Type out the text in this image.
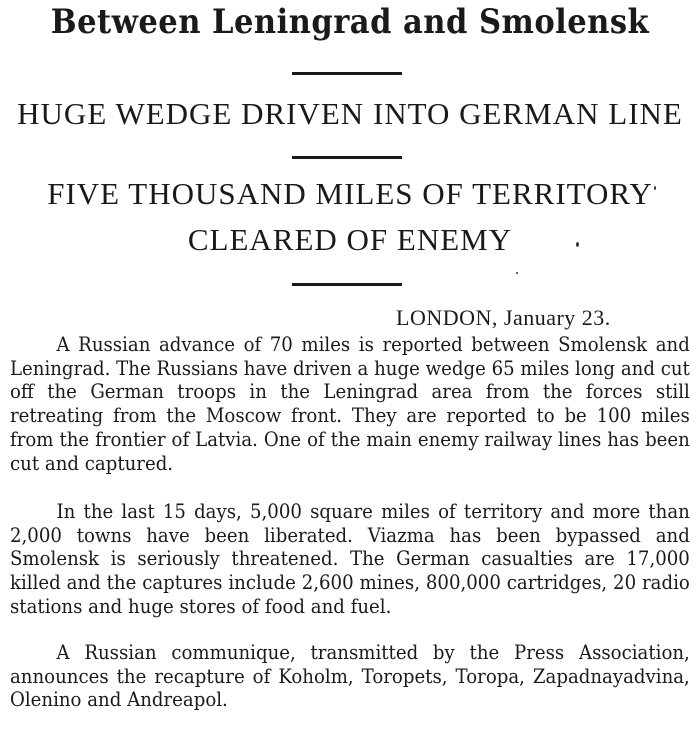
Between Leningrad and Smolensk
HUGE WEDGE DRIVEN INTO GERMAN LINE
FIVE THOUSAND MILES OF TERRITORY
CLEARED OF ENEMY
LONDON, January 23.

A Russian advance of 70 miles is reported between Smolensk and Leningrad. The Russians have driven a huge wedge 65 miles long and cut off the German troops in the Leningrad area from the forces still retreating from the Moscow front. They are reported to be 100 miles from the frontier of Latvia. One of the main enemy railway lines has been cut and captured.

In the last 15 days, 5,000 square miles of territory and more than 2,000 towns have been liberated. Viazma has been bypassed and Smolensk is seriously threatened. The German casualties are 17,000 killed and the captures include 2,600 mines, 800,000 cartridges, 20 radio stations and huge stores of food and fuel.

A Russian communique, transmitted by the Press Association, announces the recapture of Koholm, Toropets, Toropa, Zapadnayadvina, Olenino and Andreapol.
